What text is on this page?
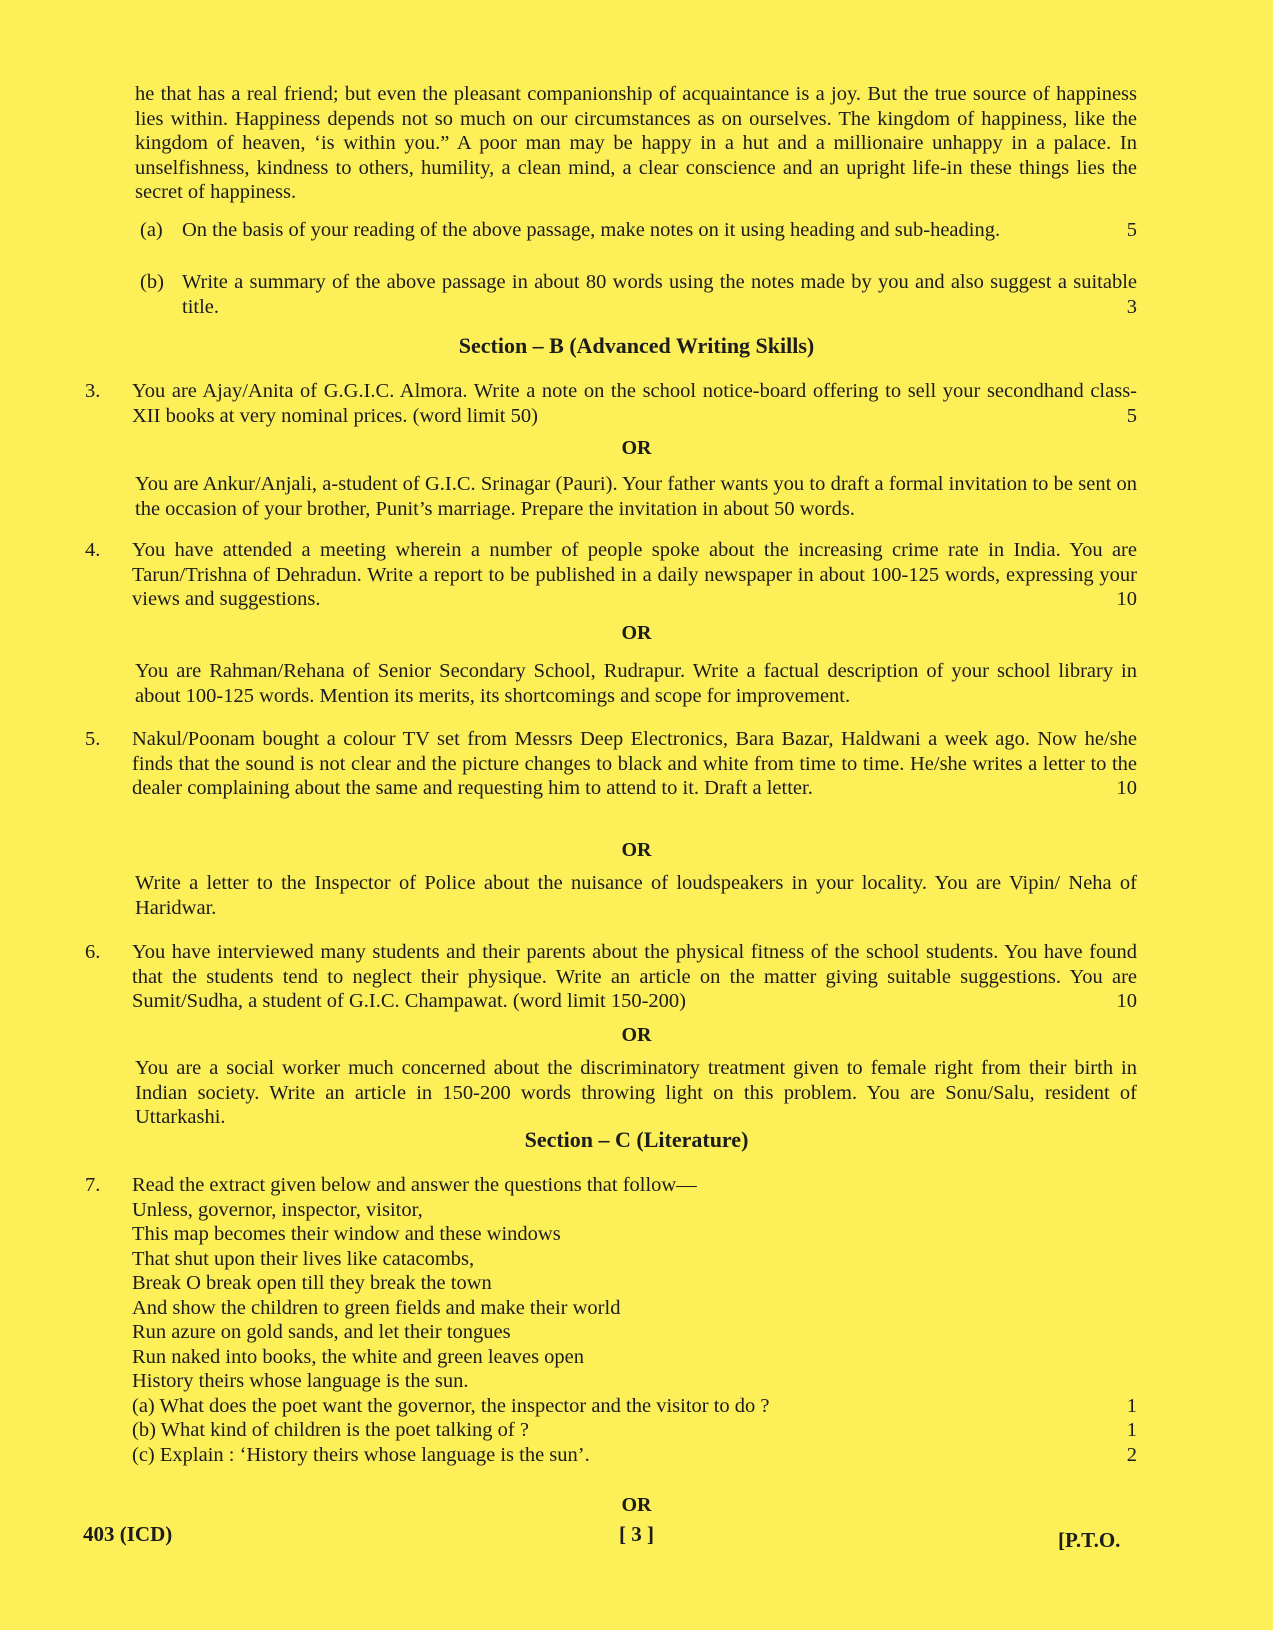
he that has a real friend; but even the pleasant companionship of acquaintance is a joy. But the true source of happiness lies within. Happiness depends not so much on our circumstances as on ourselves. The kingdom of happiness, like the kingdom of heaven, ‘is within you.” A poor man may be happy in a hut and a millionaire unhappy in a palace. In unselfishness, kindness to others, humility, a clean mind, a clear conscience and an upright life-in these things lies the secret of happiness.
(a) On the basis of your reading of the above passage, make notes on it using heading and sub-heading.	5
(b) Write a summary of the above passage in about 80 words using the notes made by you and also suggest a suitable title.	3
Section – B (Advanced Writing Skills)
3. You are Ajay/Anita of G.G.I.C. Almora. Write a note on the school notice-board offering to sell your secondhand class-XII books at very nominal prices. (word limit 50)	5
OR
You are Ankur/Anjali, a-student of G.I.C. Srinagar (Pauri). Your father wants you to draft a formal invitation to be sent on the occasion of your brother, Punit’s marriage. Prepare the invitation in about 50 words.
4. You have attended a meeting wherein a number of people spoke about the increasing crime rate in India. You are Tarun/Trishna of Dehradun. Write a report to be published in a daily newspaper in about 100-125 words, expressing your views and suggestions.	10
OR
You are Rahman/Rehana of Senior Secondary School, Rudrapur. Write a factual description of your school library in about 100-125 words. Mention its merits, its shortcomings and scope for improvement.
5. Nakul/Poonam bought a colour TV set from Messrs Deep Electronics, Bara Bazar, Haldwani a week ago. Now he/she finds that the sound is not clear and the picture changes to black and white from time to time. He/she writes a letter to the dealer complaining about the same and requesting him to attend to it. Draft a letter.	10
OR
Write a letter to the Inspector of Police about the nuisance of loudspeakers in your locality. You are Vipin/ Neha of Haridwar.
6. You have interviewed many students and their parents about the physical fitness of the school students. You have found that the students tend to neglect their physique. Write an article on the matter giving suitable suggestions. You are Sumit/Sudha, a student of G.I.C. Champawat. (word limit 150-200)	10
OR
You are a social worker much concerned about the discriminatory treatment given to female right from their birth in Indian society. Write an article in 150-200 words throwing light on this problem. You are Sonu/Salu, resident of Uttarkashi.
Section – C (Literature)
7. Read the extract given below and answer the questions that follow—
Unless, governor, inspector, visitor,
This map becomes their window and these windows
That shut upon their lives like catacombs,
Break O break open till they break the town
And show the children to green fields and make their world
Run azure on gold sands, and let their tongues
Run naked into books, the white and green leaves open
History theirs whose language is the sun.
(a) What does the poet want the governor, the inspector and the visitor to do ?	1
(b) What kind of children is the poet talking of ?	1
(c) Explain : ‘History theirs whose language is the sun’.	2
OR
403 (ICD)	[ 3 ]	[P.T.O.
